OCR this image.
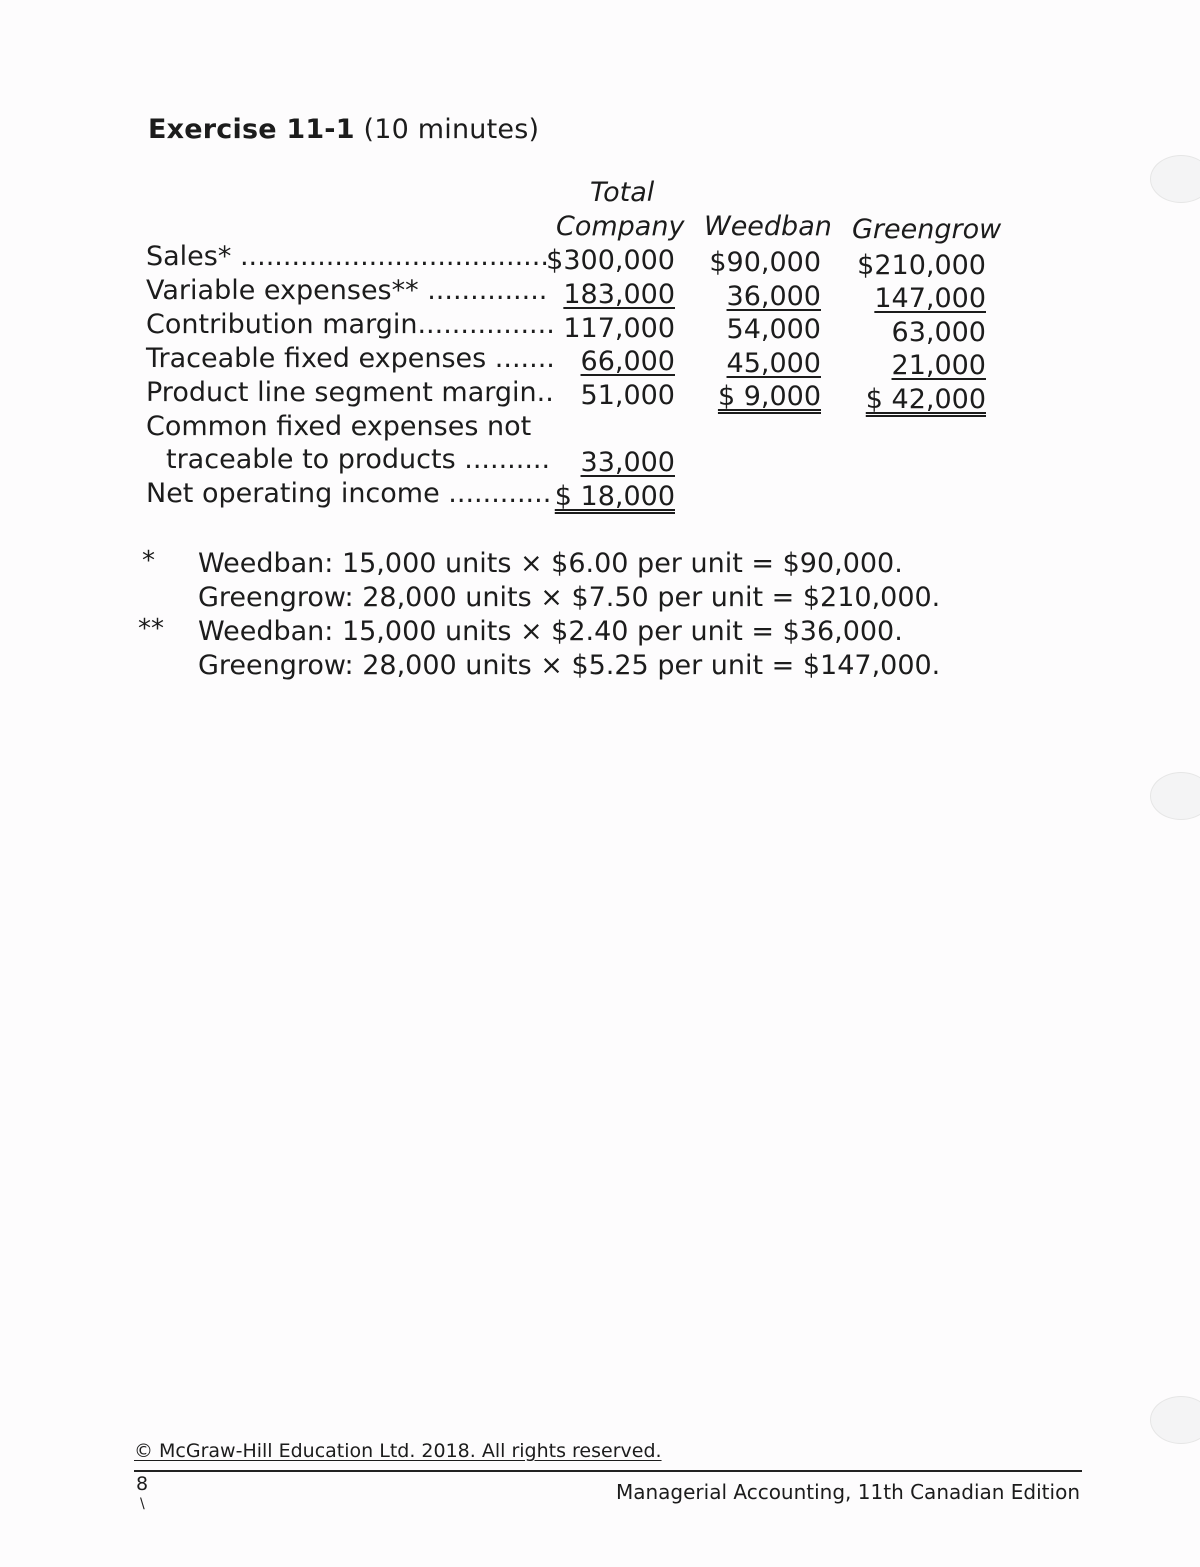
Exercise 11-1 (10 minutes)
Total
Company Weedban Greengrow
Sales* ....................................
Variable expenses** ..............
Contribution margin................
Traceable fixed expenses .......
Product line segment margin..
Common fixed expenses not
traceable to products ..........
Net operating income ............
$300,000
183,000
117,000
66,000
51,000
33,000
$ 18,000
$90,000
36,000
54,000
45,000
$ 9,000
$210,000
147,000
63,000
21,000
$ 42,000
* Weedban: 15,000 units × $6.00 per unit = $90,000.
Greengrow: 28,000 units × $7.50 per unit = $210,000.
** Weedban: 15,000 units × $2.40 per unit = $36,000.
Greengrow: 28,000 units × $5.25 per unit = $147,000.
© McGraw-Hill Education Ltd. 2018. All rights reserved.
8
\	Managerial Accounting, 11th Canadian Edition
